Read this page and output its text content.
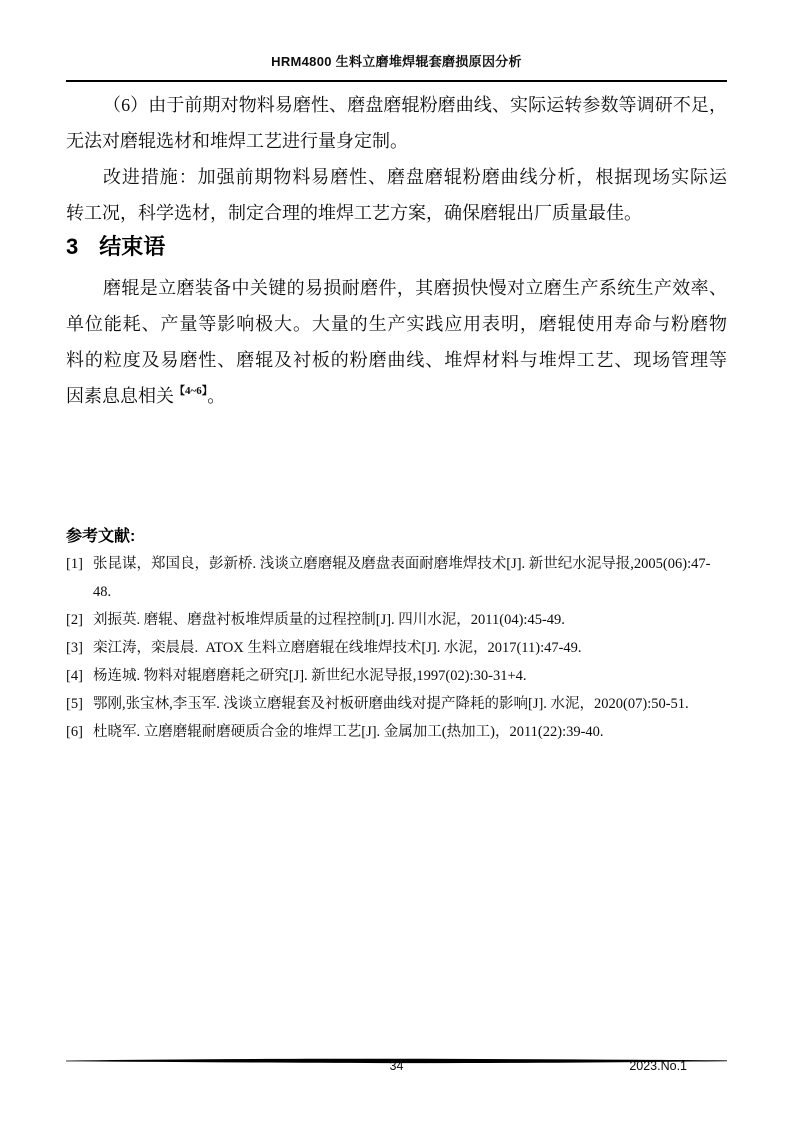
HRM4800 生料立磨堆焊辊套磨损原因分析
（6）由于前期对物料易磨性、磨盘磨辊粉磨曲线、实际运转参数等调研不足，
无法对磨辊选材和堆焊工艺进行量身定制。
改进措施：加强前期物料易磨性、磨盘磨辊粉磨曲线分析，根据现场实际运
转工况，科学选材，制定合理的堆焊工艺方案，确保磨辊出厂质量最佳。
3 结束语
磨辊是立磨装备中关键的易损耐磨件，其磨损快慢对立磨生产系统生产效率、
单位能耗、产量等影响极大。大量的生产实践应用表明，磨辊使用寿命与粉磨物
料的粒度及易磨性、磨辊及衬板的粉磨曲线、堆焊材料与堆焊工艺、现场管理等
因素息息相关$^{【4\sim 6】}$。
参考文献:
[1] 张昆谋，郑国良，彭新桥. 浅谈立磨磨辊及磨盘表面耐磨堆焊技术[J]. 新世纪水泥导报,2005(06):47-48.
[2] 刘振英. 磨辊、磨盘衬板堆焊质量的过程控制[J]. 四川水泥，2011(04):45-49.
[3] 栾江涛，栾晨晨.  ATOX 生料立磨磨辊在线堆焊技术[J]. 水泥，2017(11):47-49.
[4] 杨连城. 物料对辊磨磨耗之研究[J]. 新世纪水泥导报,1997(02):30-31+4.
[5] 鄂刚,张宝林,李玉军. 浅谈立磨辊套及衬板研磨曲线对提产降耗的影响[J]. 水泥，2020(07):50-51.
[6] 杜晓军. 立磨磨辊耐磨硬质合金的堆焊工艺[J]. 金属加工(热加工)，2011(22):39-40.
34	2023.No.1
